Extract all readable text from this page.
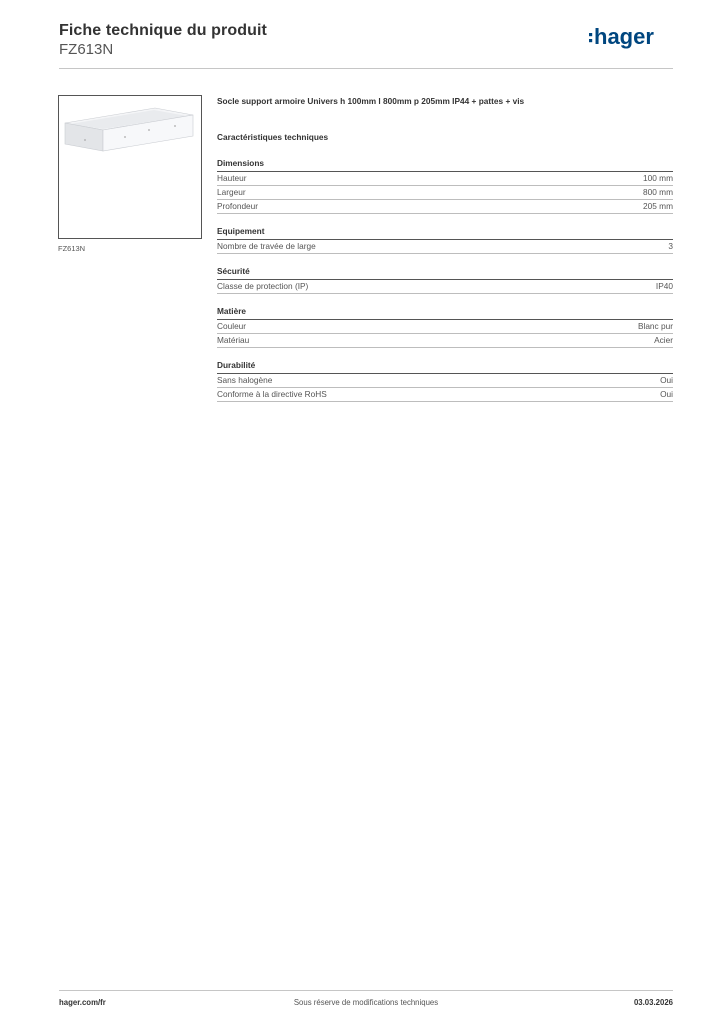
Fiche technique du produit
FZ613N
hager
FZ613N
Socle support armoire Univers h 100mm l 800mm p 205mm IP44 + pattes + vis
Caractéristiques techniques
Dimensions
Hauteur	100 mm
Largeur	800 mm
Profondeur	205 mm
Equipement
Nombre de travée de large	3
Sécurité
Classe de protection (IP)	IP40
Matière
Couleur	Blanc pur
Matériau	Acier
Durabilité
Sans halogène	Oui
Conforme à la directive RoHS	Oui
hager.com/fr	Sous réserve de modifications techniques	03.03.2026
